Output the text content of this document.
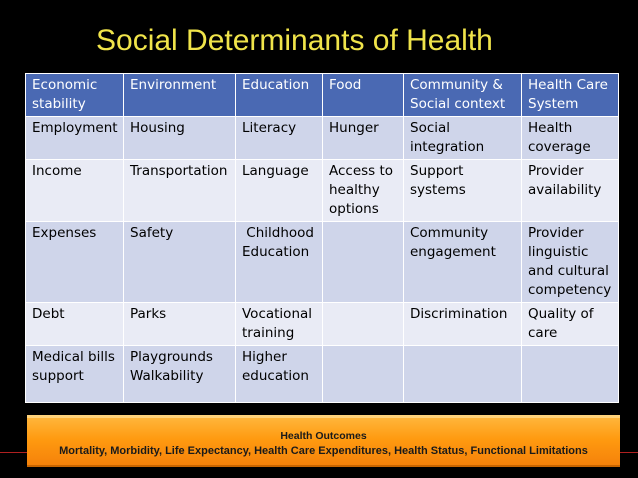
Social Determinants of Health
Economic stability	Environment	Education	Food	Community & Social context	Health Care System
Employment	Housing	Literacy	Hunger	Social integration	Health coverage
Income	Transportation	Language	Access to healthy options	Support systems	Provider availability
Expenses	Safety	Childhood Education		Community engagement	Provider linguistic and cultural competency
Debt	Parks	Vocational training		Discrimination	Quality of care
Medical bills support	Playgrounds Walkability	Higher education			
Health Outcomes
Mortality, Morbidity, Life Expectancy, Health Care Expenditures, Health Status, Functional Limitations
